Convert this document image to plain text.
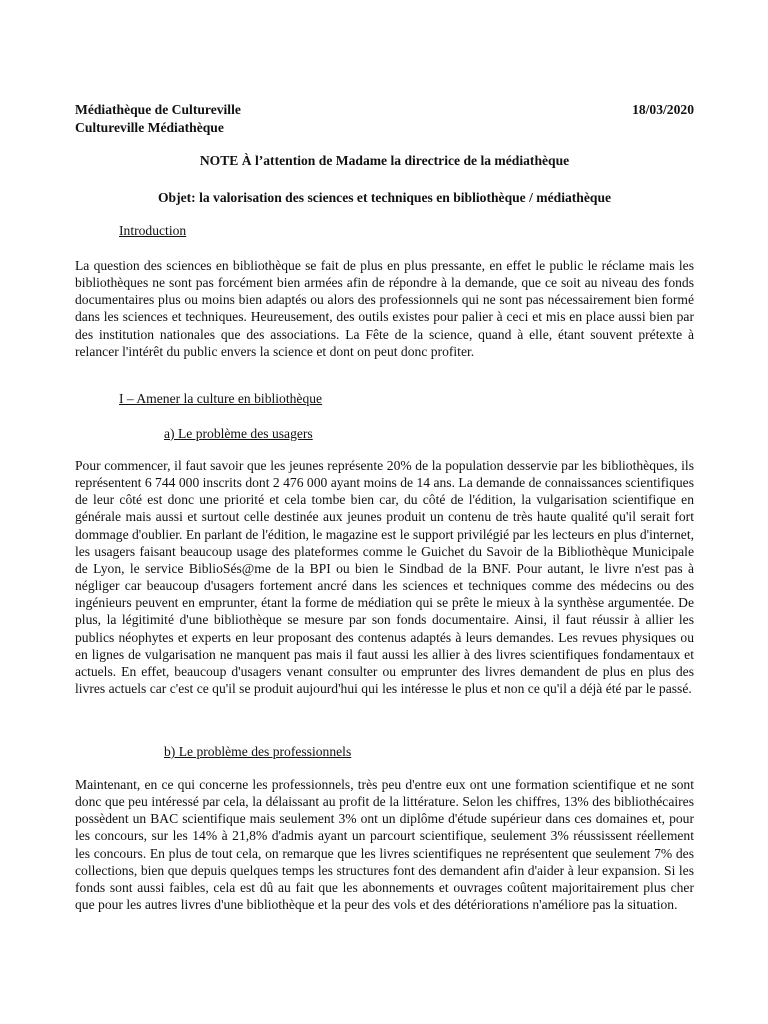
Médiathèque de Cultureville	18/03/2020
Cultureville Médiathèque
NOTE À l’attention de Madame la directrice de la médiathèque
Objet: la valorisation des sciences et techniques en bibliothèque / médiathèque
Introduction

La question des sciences en bibliothèque se fait de plus en plus pressante, en effet le public le réclame mais les bibliothèques ne sont pas forcément bien armées afin de répondre à la demande, que ce soit au niveau des fonds documentaires plus ou moins bien adaptés ou alors des professionnels qui ne sont pas nécessairement bien formé dans les sciences et techniques. Heureusement, des outils existes pour palier à ceci et mis en place aussi bien par des institution nationales que des associations. La Fête de la science, quand à elle, étant souvent prétexte à relancer l'intérêt du public envers la science et dont on peut donc profiter.

I – Amener la culture en bibliothèque
a) Le problème des usagers

Pour commencer, il faut savoir que les jeunes représente 20% de la population desservie par les bibliothèques, ils représentent 6 744 000 inscrits dont 2 476 000 ayant moins de 14 ans. La demande de connaissances scientifiques de leur côté est donc une priorité et cela tombe bien car, du côté de l'édition, la vulgarisation scientifique en générale mais aussi et surtout celle destinée aux jeunes produit un contenu de très haute qualité qu'il serait fort dommage d'oublier. En parlant de l'édition, le magazine est le support privilégié par les lecteurs en plus d'internet, les usagers faisant beaucoup usage des plateformes comme le Guichet du Savoir de la Bibliothèque Municipale de Lyon, le service BiblioSés@me de la BPI ou bien le Sindbad de la BNF. Pour autant, le livre n'est pas à négliger car beaucoup d'usagers fortement ancré dans les sciences et techniques comme des médecins ou des ingénieurs peuvent en emprunter, étant la forme de médiation qui se prête le mieux à la synthèse argumentée. De plus, la légitimité d'une bibliothèque se mesure par son fonds documentaire. Ainsi, il faut réussir à allier les publics néophytes et experts en leur proposant des contenus adaptés à leurs demandes. Les revues physiques ou en lignes de vulgarisation ne manquent pas mais il faut aussi les allier à des livres scientifiques fondamentaux et actuels. En effet, beaucoup d'usagers venant consulter ou emprunter des livres demandent de plus en plus des livres actuels car c'est ce qu'il se produit aujourd'hui qui les intéresse le plus et non ce qu'il a déjà été par le passé.

b) Le problème des professionnels

Maintenant, en ce qui concerne les professionnels, très peu d'entre eux ont une formation scientifique et ne sont donc que peu intéressé par cela, la délaissant au profit de la littérature. Selon les chiffres, 13% des bibliothécaires possèdent un BAC scientifique mais seulement 3% ont un diplôme d'étude supérieur dans ces domaines et, pour les concours, sur les 14% à 21,8% d'admis ayant un parcourt scientifique, seulement 3% réussissent réellement les concours. En plus de tout cela, on remarque que les livres scientifiques ne représentent que seulement 7% des collections, bien que depuis quelques temps les structures font des demandent afin d'aider à leur expansion. Si les fonds sont aussi faibles, cela est dû au fait que les abonnements et ouvrages coûtent majoritairement plus cher que pour les autres livres d'une bibliothèque et la peur des vols et des détériorations n'améliore pas la situation.
